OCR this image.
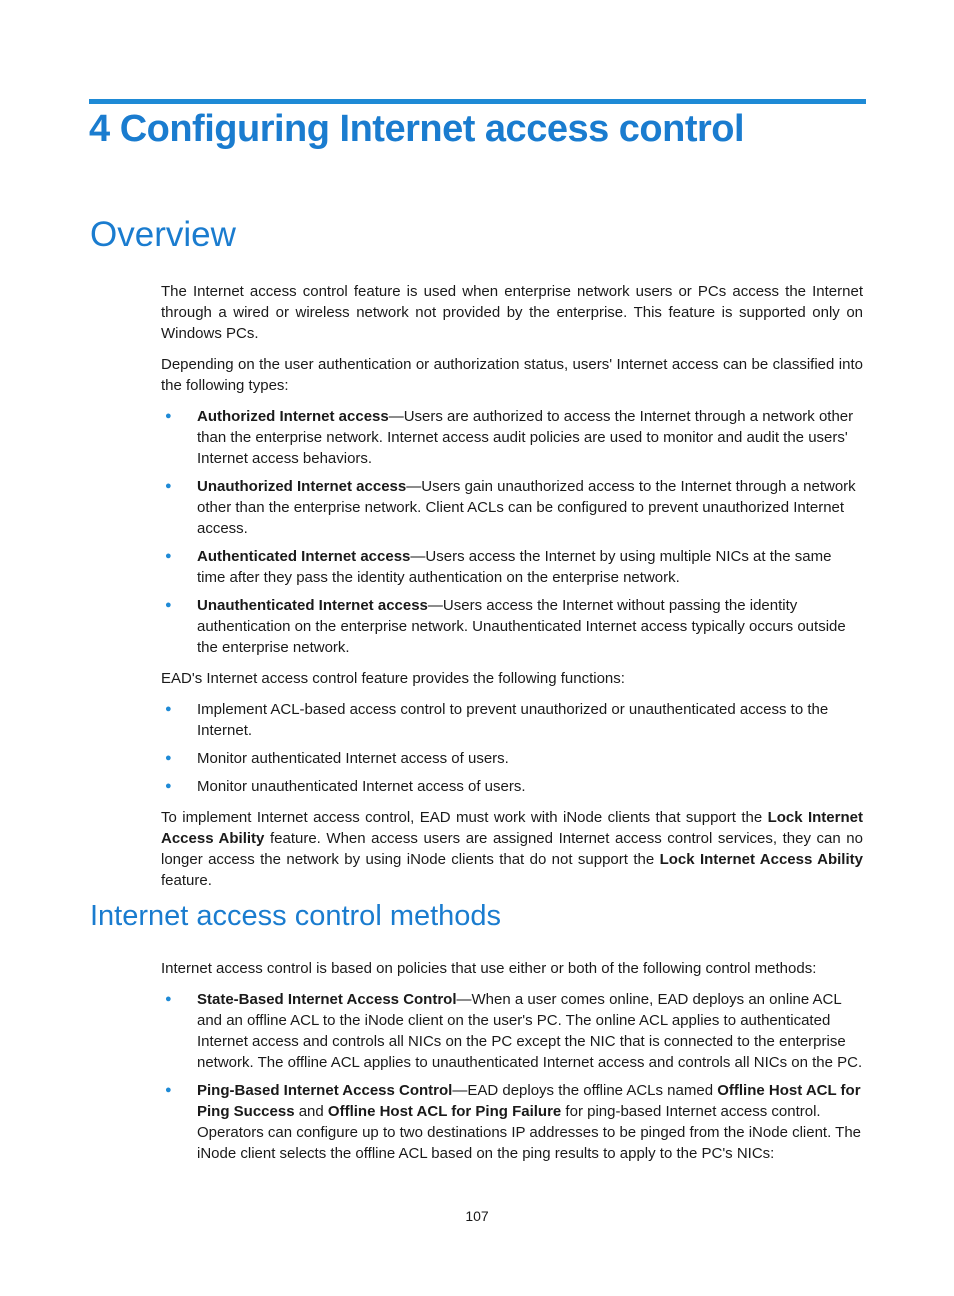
4 Configuring Internet access control
Overview

The Internet access control feature is used when enterprise network users or PCs access the Internet through a wired or wireless network not provided by the enterprise. This feature is supported only on Windows PCs.

Depending on the user authentication or authorization status, users' Internet access can be classified into the following types:

● Authorized Internet access—Users are authorized to access the Internet through a network other than the enterprise network. Internet access audit policies are used to monitor and audit the users' Internet access behaviors.
● Unauthorized Internet access—Users gain unauthorized access to the Internet through a network other than the enterprise network. Client ACLs can be configured to prevent unauthorized Internet access.
● Authenticated Internet access—Users access the Internet by using multiple NICs at the same time after they pass the identity authentication on the enterprise network.
● Unauthenticated Internet access—Users access the Internet without passing the identity authentication on the enterprise network. Unauthenticated Internet access typically occurs outside the enterprise network.

EAD's Internet access control feature provides the following functions:

● Implement ACL-based access control to prevent unauthorized or unauthenticated access to the Internet.
● Monitor authenticated Internet access of users.
● Monitor unauthenticated Internet access of users.

To implement Internet access control, EAD must work with iNode clients that support the Lock Internet Access Ability feature. When access users are assigned Internet access control services, they can no longer access the network by using iNode clients that do not support the Lock Internet Access Ability feature.

Internet access control methods

Internet access control is based on policies that use either or both of the following control methods:

● State-Based Internet Access Control—When a user comes online, EAD deploys an online ACL and an offline ACL to the iNode client on the user's PC. The online ACL applies to authenticated Internet access and controls all NICs on the PC except the NIC that is connected to the enterprise network. The offline ACL applies to unauthenticated Internet access and controls all NICs on the PC.
● Ping-Based Internet Access Control—EAD deploys the offline ACLs named Offline Host ACL for Ping Success and Offline Host ACL for Ping Failure for ping-based Internet access control. Operators can configure up to two destinations IP addresses to be pinged from the iNode client. The iNode client selects the offline ACL based on the ping results to apply to the PC's NICs:
107
